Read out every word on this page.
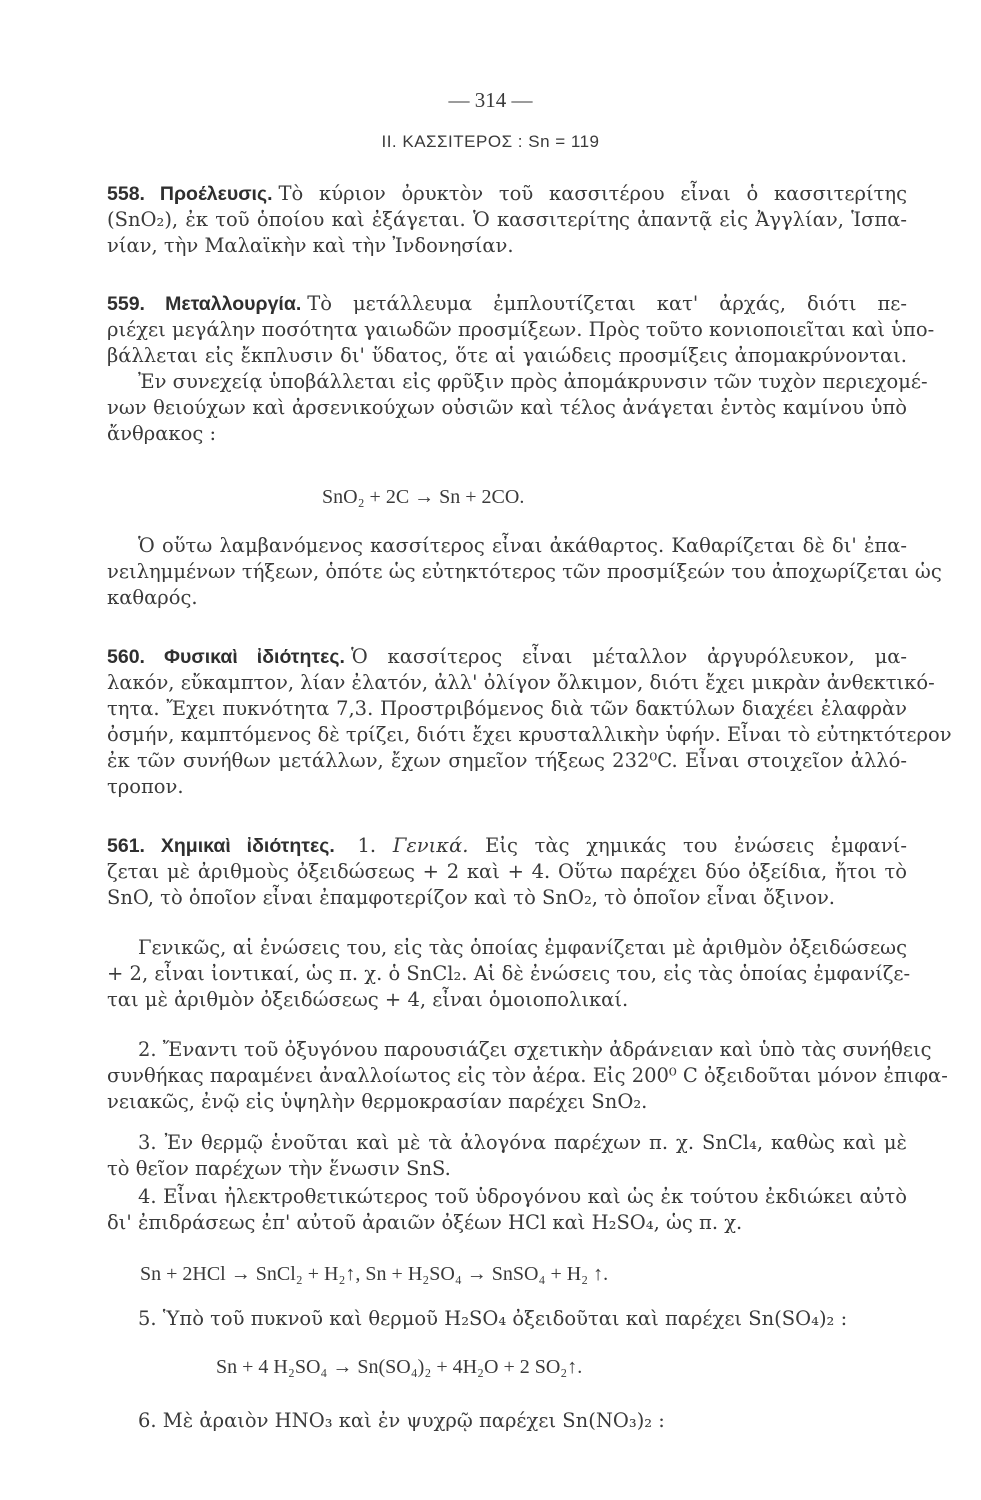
— 314 —
II. ΚΑΣΣΙΤΕΡΟΣ : Sn = 119
558. Προέλευσις. Τὸ κύριον ὀρυκτὸν τοῦ κασσιτέρου εἶναι ὁ κασσιτερίτης
(SnO₂), ἐκ τοῦ ὁποίου καὶ ἐξάγεται. Ὁ κασσιτερίτης ἀπαντᾷ εἰς Ἀγγλίαν, Ἱσπα-
νίαν, τὴν Μαλαϊκὴν καὶ τὴν Ἰνδονησίαν.
559. Μεταλλουργία. Τὸ μετάλλευμα ἐμπλουτίζεται κατ' ἀρχάς, διότι πε-
ριέχει μεγάλην ποσότητα γαιωδῶν προσμίξεων. Πρὸς τοῦτο κονιοποιεῖται καὶ ὑπο-
βάλλεται εἰς ἔκπλυσιν δι' ὕδατος, ὅτε αἱ γαιώδεις προσμίξεις ἀπομακρύνονται.
Ἐν συνεχείᾳ ὑποβάλλεται εἰς φρῦξιν πρὸς ἀπομάκρυνσιν τῶν τυχὸν περιεχομέ-
νων θειούχων καὶ ἀρσενικούχων οὐσιῶν καὶ τέλος ἀνάγεται ἐντὸς καμίνου ὑπὸ
ἄνθρακος :
SnO₂ + 2C → Sn + 2CO.
Ὁ οὕτω λαμβανόμενος κασσίτερος εἶναι ἀκάθαρτος. Καθαρίζεται δὲ δι' ἐπα-
νειλημμένων τήξεων, ὁπότε ὡς εὐτηκτότερος τῶν προσμίξεών του ἀποχωρίζεται ὡς
καθαρός.
560. Φυσικαὶ ἰδιότητες. Ὁ κασσίτερος εἶναι μέταλλον ἀργυρόλευκον, μα-
λακόν, εὔκαμπτον, λίαν ἐλατόν, ἀλλ' ὀλίγον ὄλκιμον, διότι ἔχει μικρὰν ἀνθεκτικό-
τητα. Ἔχει πυκνότητα 7,3. Προστριβόμενος διὰ τῶν δακτύλων διαχέει ἐλαφρὰν
ὀσμήν, καμπτόμενος δὲ τρίζει, διότι ἔχει κρυσταλλικὴν ὑφήν. Εἶναι τὸ εὐτηκτότερον
ἐκ τῶν συνήθων μετάλλων, ἔχων σημεῖον τήξεως 232⁰C. Εἶναι στοιχεῖον ἀλλό-
τροπον.
561. Χημικαὶ ἰδιότητες. 1. Γενικά. Εἰς τὰς χημικάς του ἐνώσεις ἐμφανί-
ζεται μὲ ἀριθμοὺς ὀξειδώσεως + 2 καὶ + 4. Οὕτω παρέχει δύο ὀξείδια, ἤτοι τὸ
SnO, τὸ ὁποῖον εἶναι ἐπαμφοτερίζον καὶ τὸ SnO₂, τὸ ὁποῖον εἶναι ὄξινον.
Γενικῶς, αἱ ἐνώσεις του, εἰς τὰς ὁποίας ἐμφανίζεται μὲ ἀριθμὸν ὀξειδώσεως
+ 2, εἶναι ἰοντικαί, ὡς π. χ. ὁ SnCl₂. Αἱ δὲ ἐνώσεις του, εἰς τὰς ὁποίας ἐμφανίζε-
ται μὲ ἀριθμὸν ὀξειδώσεως + 4, εἶναι ὁμοιοπολικαί.
2. Ἔναντι τοῦ ὀξυγόνου παρουσιάζει σχετικὴν ἀδράνειαν καὶ ὑπὸ τὰς συνήθεις
συνθήκας παραμένει ἀναλλοίωτος εἰς τὸν ἀέρα. Εἰς 200⁰ C ὀξειδοῦται μόνον ἐπιφα-
νειακῶς, ἐνῷ εἰς ὑψηλὴν θερμοκρασίαν παρέχει SnO₂.
3. Ἐν θερμῷ ἑνοῦται καὶ μὲ τὰ ἀλογόνα παρέχων π. χ. SnCl₄, καθὼς καὶ μὲ
τὸ θεῖον παρέχων τὴν ἕνωσιν SnS.
4. Εἶναι ἠλεκτροθετικώτερος τοῦ ὑδρογόνου καὶ ὡς ἐκ τούτου ἐκδιώκει αὐτὸ
δι' ἐπιδράσεως ἐπ' αὐτοῦ ἀραιῶν ὀξέων HCl καὶ H₂SO₄, ὡς π. χ.
Sn + 2HCl → SnCl₂ + H₂↑, Sn + H₂SO₄ → SnSO₄ + H₂ ↑.
5. Ὑπὸ τοῦ πυκνοῦ καὶ θερμοῦ H₂SO₄ ὀξειδοῦται καὶ παρέχει Sn(SO₄)₂ :
Sn + 4 H₂SO₄ → Sn(SO₄)₂ + 4H₂O + 2 SO₂↑.
6. Μὲ ἀραιὸν HNO₃ καὶ ἐν ψυχρῷ παρέχει Sn(NO₃)₂ :
